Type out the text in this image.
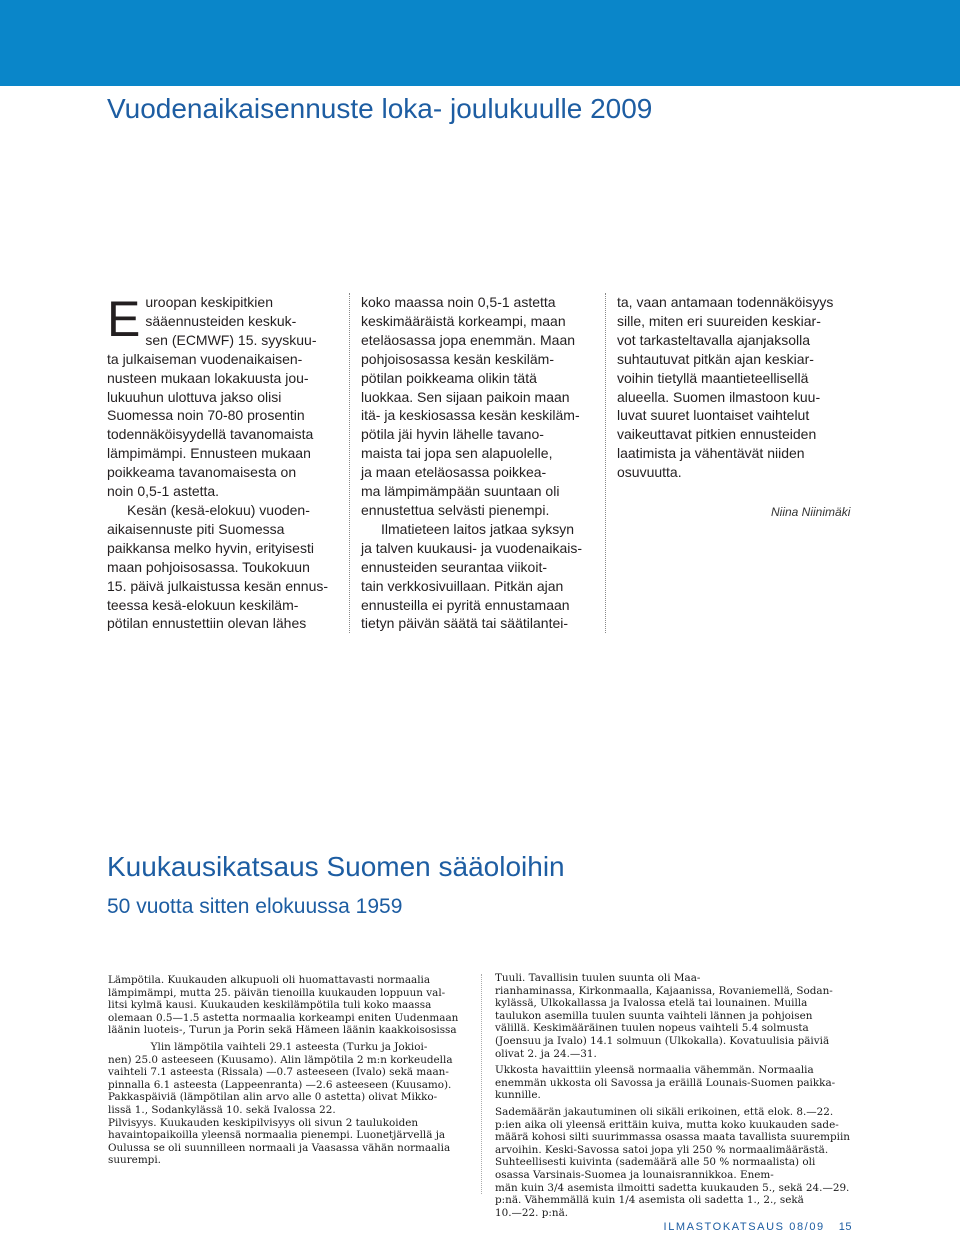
Vuodenaikaisennuste loka- joulukuulle 2009
E uroopan keskipitkien
sääennusteiden keskuk-
sen (ECMWF) 15. syyskuu-
ta julkaiseman vuodenaikaisen-
nusteen mukaan lokakuusta jou-
lukuuhun ulottuva jakso olisi
Suomessa noin 70-80 prosentin
todennäköisyydellä tavanomaista
lämpimämpi. Ennusteen mukaan
poikkeama tavanomaisesta on
noin 0,5-1 astetta.
Kesän (kesä-elokuu) vuoden-
aikaisennuste piti Suomessa
paikkansa melko hyvin, erityisesti
maan pohjoisosassa. Toukokuun
15. päivä julkaistussa kesän ennus-
teessa kesä-elokuun keskiläm-
pötilan ennustettiin olevan lähes
koko maassa noin 0,5-1 astetta
keskimääräistä korkeampi, maan
eteläosassa jopa enemmän. Maan
pohjoisosassa kesän keskiläm-
pötilan poikkeama olikin tätä
luokkaa. Sen sijaan paikoin maan
itä- ja keskiosassa kesän keskiläm-
pötila jäi hyvin lähelle tavano-
maista tai jopa sen alapuolelle,
ja maan eteläosassa poikkea-
ma lämpimämpään suuntaan oli
ennustettua selvästi pienempi.
Ilmatieteen laitos jatkaa syksyn
ja talven kuukausi- ja vuodenaikais-
ennusteiden seurantaa viikoit-
tain verkkosivuillaan. Pitkän ajan
ennusteilla ei pyritä ennustamaan
tietyn päivän säätä tai säätilantei-
ta, vaan antamaan todennäköisyys
sille, miten eri suureiden keskiar-
vot tarkasteltavalla ajanjaksolla
suhtautuvat pitkän ajan keskiar-
voihin tietyllä maantieteellisellä
alueella. Suomen ilmastoon kuu-
luvat suuret luontaiset vaihtelut
vaikeuttavat pitkien ennusteiden
laatimista ja vähentävät niiden
osuvuutta.
Niina Niinimäki
Kuukausikatsaus Suomen sääoloihin
50 vuotta sitten elokuussa 1959
Lämpötila. Kuukauden alkupuoli oli huomattavasti normaalia
lämpimämpi, mutta 25. päivän tienoilla kuukauden loppuun val-
litsi kylmä kausi. Kuukauden keskilämpötila tuli koko maassa
olemaan 0.5—1.5 astetta normaalia korkeampi eniten Uudenmaan
läänin luoteis-, Turun ja Porin sekä Hämeen läänin kaakkoisosissa
Ylin lämpötila vaihteli 29.1 asteesta (Turku ja Jokioi-
nen) 25.0 asteeseen (Kuusamo). Alin lämpötila 2 m:n korkeudella
vaihteli 7.1 asteesta (Rissala) —0.7 asteeseen (Ivalo) sekä maan-
pinnalla 6.1 asteesta (Lappeenranta) —2.6 asteeseen (Kuusamo).
Pakkaspäiviä (lämpötilan alin arvo alle 0 astetta) olivat Mikko-
lissä 1., Sodankylässä 10. sekä Ivalossa 22.
Pilvisyys. Kuukauden keskipilvisyys oli sivun 2 taulukoiden
havaintopaikoilla yleensä normaalia pienempi. Luonetjärvellä ja
Oulussa se oli suunnilleen normaali ja Vaasassa vähän normaalia
suurempi.
Tuuli. Tavallisin tuulen suunta oli Maa-
rianhaminassa, Kirkonmaalla, Kajaanissa, Rovaniemellä, Sodan-
kylässä, Ulkokallassa ja Ivalossa etelä tai lounainen. Muilla
taulukon asemilla tuulen suunta vaihteli lännen ja pohjoisen
välillä. Keskimääräinen tuulen nopeus vaihteli 5.4 solmusta
(Joensuu ja Ivalo) 14.1 solmuun (Ulkokalla). Kovatuulisia päiviä
olivat 2. ja 24.—31.
Ukkosta havaittiin yleensä normaalia vähemmän. Normaalia
enemmän ukkosta oli Savossa ja eräillä Lounais-Suomen paikka-
kunnille.
Sademäärän jakautuminen oli sikäli erikoinen, että elok. 8.—22.
p:ien aika oli yleensä erittäin kuiva, mutta koko kuukauden sade-
määrä kohosi silti suurimmassa osassa maata tavallista suurempiin
arvoihin. Keski-Savossa satoi jopa yli 250 % normaalimäärästä.
Suhteellisesti kuivinta (sademäärä alle 50 % normaalista) oli
osassa Varsinais-Suomea ja lounaisrannikkoa. Enem-
män kuin 3/4 asemista ilmoitti sadetta kuukauden 5., sekä 24.—29.
p:nä. Vähemmällä kuin 1/4 asemista oli sadetta 1., 2., sekä
10.—22. p:nä.
ILMASTOKATSAUS 08/09 15
